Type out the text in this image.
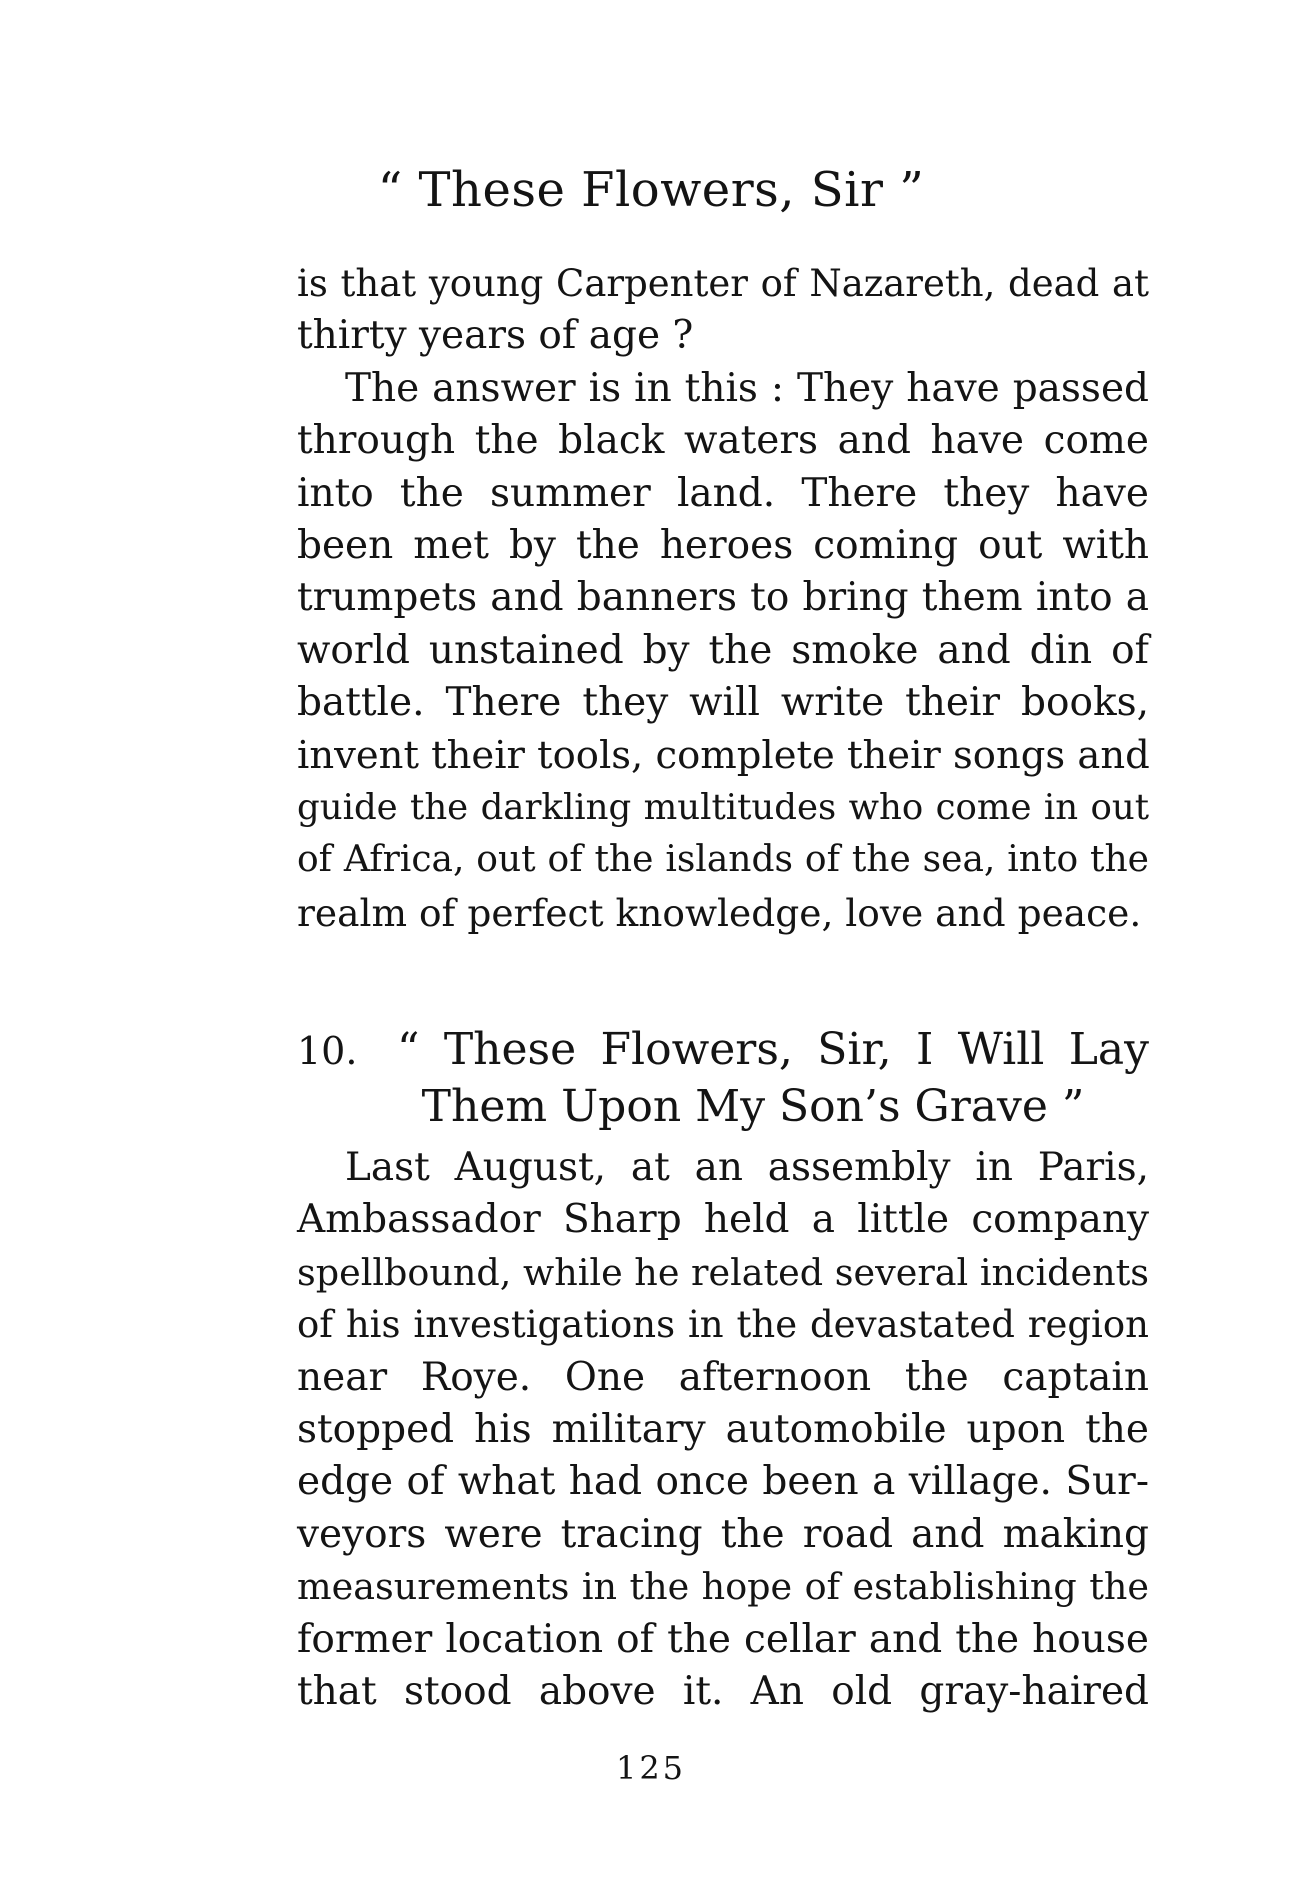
“ These Flowers, Sir ”
is that young Carpenter of Nazareth, dead at
thirty years of age ?
The answer is in this : They have passed
through the black waters and have come
into the summer land. There they have
been met by the heroes coming out with
trumpets and banners to bring them into a
world unstained by the smoke and din of
battle. There they will write their books,
invent their tools, complete their songs and
guide the darkling multitudes who come in out
of Africa, out of the islands of the sea, into the
realm of perfect knowledge, love and peace.
10. “ These Flowers, Sir, I Will Lay
Them Upon My Son’s Grave ”
Last August, at an assembly in Paris,
Ambassador Sharp held a little company
spellbound, while he related several incidents
of his investigations in the devastated region
near Roye. One afternoon the captain
stopped his military automobile upon the
edge of what had once been a village. Sur-
veyors were tracing the road and making
measurements in the hope of establishing the
former location of the cellar and the house
that stood above it. An old gray-haired
125
